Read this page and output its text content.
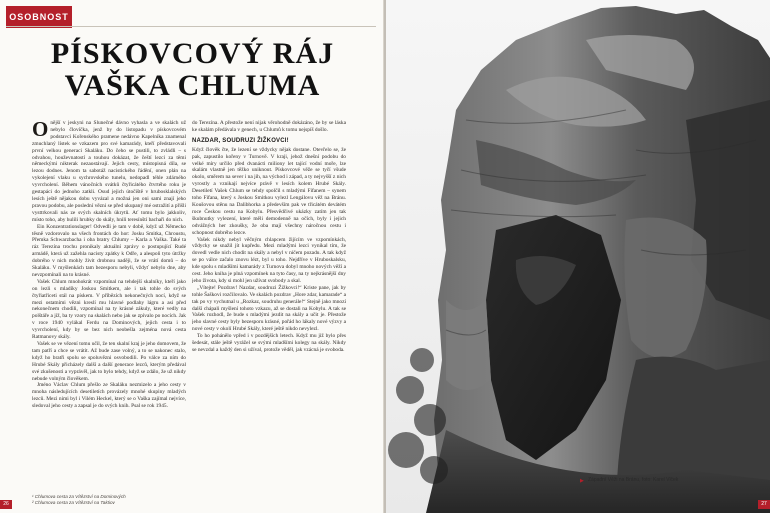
OSOBNOST
PÍSKOVCOVÝ RÁJ
VAŠKA CHLUMA

Onější v jeskyni na Slunečné dávno vyhasla a ve skalách už nebylo človíčka, jenž by do listopadu v pískovcovém podstavci Kořenského pramene nedávno Kapelníka znamenal zmuchlaný lístek se vzkazem pro své kamarády, kteří představovali první velkou generaci Skaláku. Do čeho se pustili, to zvládli – s odvahou, houževnatostí a touhou dokázat, že čeští lezci za těmi německými nikterak nezaostávají. Jejich cesty, místopisná díla, se lezou dodnes. Jenom ta sabotáž nacistického řádění, onen plán na vykolejení vlaku u sychrovského tunelu, nedopadl téhle zdárného vyvrcholení. Během vánočních svátků čtyřicátého čtvrtého roku je gestapáci do jednoho zatkli. Osud jejich útočiště v hrubosklalských lesích ještě nějakou dobu vyvázal a možná jen oni sami znají jeho pravou podobu, ale poslední vězni se před ukupaný mé ostražití a přišli vysttrkovali nás ze svých skalních úkrytů. Ať tomu bylo jakkoliv, místo toho, aby hulili hrubky do skály, hnili teresínští bachaři do nich.

Ein Konzentrationslager! Odvedli je tam v době, když už Německo těsně vzdorovalo na všech frontách do hor: Josku Smitka, Chroustu, Přemka Schwarzbacha i oba bratry Chlumy – Karla a Vaška. Také ta ráz Terezína trochu pronikaly aktuální zprávy o postupující Rudé armádě, která už zažehla nacisty zpátky k Odře, a alespoň tyto útržky dobrého v nich mohly živit drobnou naději, že se vrátí domů – do Skaláku. V myšlenkách tam bezesporu nebyli, vždyť nebylo dne, aby nevzpomínali na to krásné.

Vašek Chlum mnohokrát vzpomínal na tehdejší skalníky, kteří jako on lezli s mladíky Joskou Smitkem, ale i tak tohle do svých čtyřiatřiceti stál na pískem. V příbězích nekonečných nocí, když se mezi ostatními vězni kreslí mu hlavné podlahy lágru a asi před nekonečnem chodili, vzpomínal na ty krásné zákuly, které vedly na polštáře a jíž, ba ty vzory na skalách nebo jak se zpívalo po nocích. Jak v roce 1940 vylákal Ferdu na Dominových, jejich cesta i to vyvrcholení, kdy by se bez nich neobešla zejména nová cesta Ratmanovy skály.

Vašek se ve vězení tomu učil, že ten skalní kraj je jeho domovem, že tam patří a chce se vrátit. Až bude zase volný, a to se nakonec stalo, když ho bratři spolu se spoluvězni osvobodili. Po válce za ním do Hrubé Skály přicházely další a další generace lezců, kterým předával své zkušenosti a vyprávěl, jak to bylo tehdy, když se zdálo, že už nikdy nebude volným člověkem.

Jméno Václav Chlum přešlo ze Skaláku nezmizelo a jeho cesty v mnoha následujících desetiletích provázely mnohé skupiny mladých lezců. Mezi nimi byl i Vilém Heckel, který se o Vaška zajímal nejvíce, sledoval jeho cesty a zapsal je do svých knih. Psal se rok 1945.

do Terezína. A přestože není nijak věrohodně dokázáno, že by se láska ke skalám předávala v genech, u Chlumů k tomu nejspíš došlo.

NAZDAR, SOUDRUZI ŽIŽKOVCI!

Když člověk čte, že lezení se vždycky nějak dostane. Otevřelo se, že pak, zapustilo kořeny v Turnově. V kraji, jehož dnešní podobu do velké míry určilo před dvanácti miliony let tající vodní moře, lze skalám vlastně jen těžko uniknout. Pískovcové věže se tyčí všude okolo, směrem na sever i na jih, na východ i západ, a ty nejvyšší z nich vyrostly a vznikají nejvíce právě v lesích kolem Hrubé Skály. Desetiletí Vašek Chlum se tehdy spolčil s mladými Fifanem – synem toho Fifana, který s Joskou Smitkou vylezl Lengálovu věž na Bránu. Koušovou stěnu na Dalibhorka a především pak ve třicátém devátém roce Českou cestu na Kobylu. Přesvědčivé ukázky zatím jen tak škubnutky vylezení, které měli demodenně na očích, byly i jejich odvážných her zkoušky, že oba mají všechny náročnou cestu i schopnost dobrého lezce.

Vašek nikdy nebyl věčným chlapcem žijícím ve vzpomínkách, vždycky se snažil jít kupředu. Mezi mladými lezci vynikal tím, že dovedl vedle nich chodit na skály a nebyl v ničem pozadu. A tak když se po válce začalo znovu lézt, byl u toho. Nejdříve v Hruboskalsku, kde spolu s mladšími kamarády z Turnova dobyl mnoho nových věží a cest. Jeho kniha je plná vzpomínek na tyto časy, na ty nejkrásnější dny jeho života, kdy si mohl jen užívat svobody a skal.

„Vítejte! Pozdrav! Nazdar, soudruzi Žižkovci!“ Kriste pane, jak by tohle Šaškovi rozčilovalo. Ve skalách pozdrav „Hore zdar, kamarade“ a tak po vy vychutnal u „Rozkaz, soudruhu generále!“ Stejně jako mnozí další chápali myšlení tohoto vzkazu, až se dostali na Kobylu. A tak se Vašek rozhodl, že bude s mladými jezdit na skály a učit je. Přestože jeho slavné cesty byly bezesporu krásné, pořád ho lákaly nové výzvy a nové cesty v okolí Hrubé Skály, které ještě nikdo nevylezl.

To ho pohánělo vpřed i v pozdějších letech. Když mu již bylo přes šedesát, stále ještě vyrážel se svými mladšími kolegy na skály. Nikdy se nevzdal a každý den si užíval, protože věděl, jak vzácná je svoboda.

¹ Chlumova cesta za Vítězství na Dominových
² Chlumova cesta za Vítězství na Taktiov
26
▶ Západní Věži na Bránu, foto: Karel Vlček
27
